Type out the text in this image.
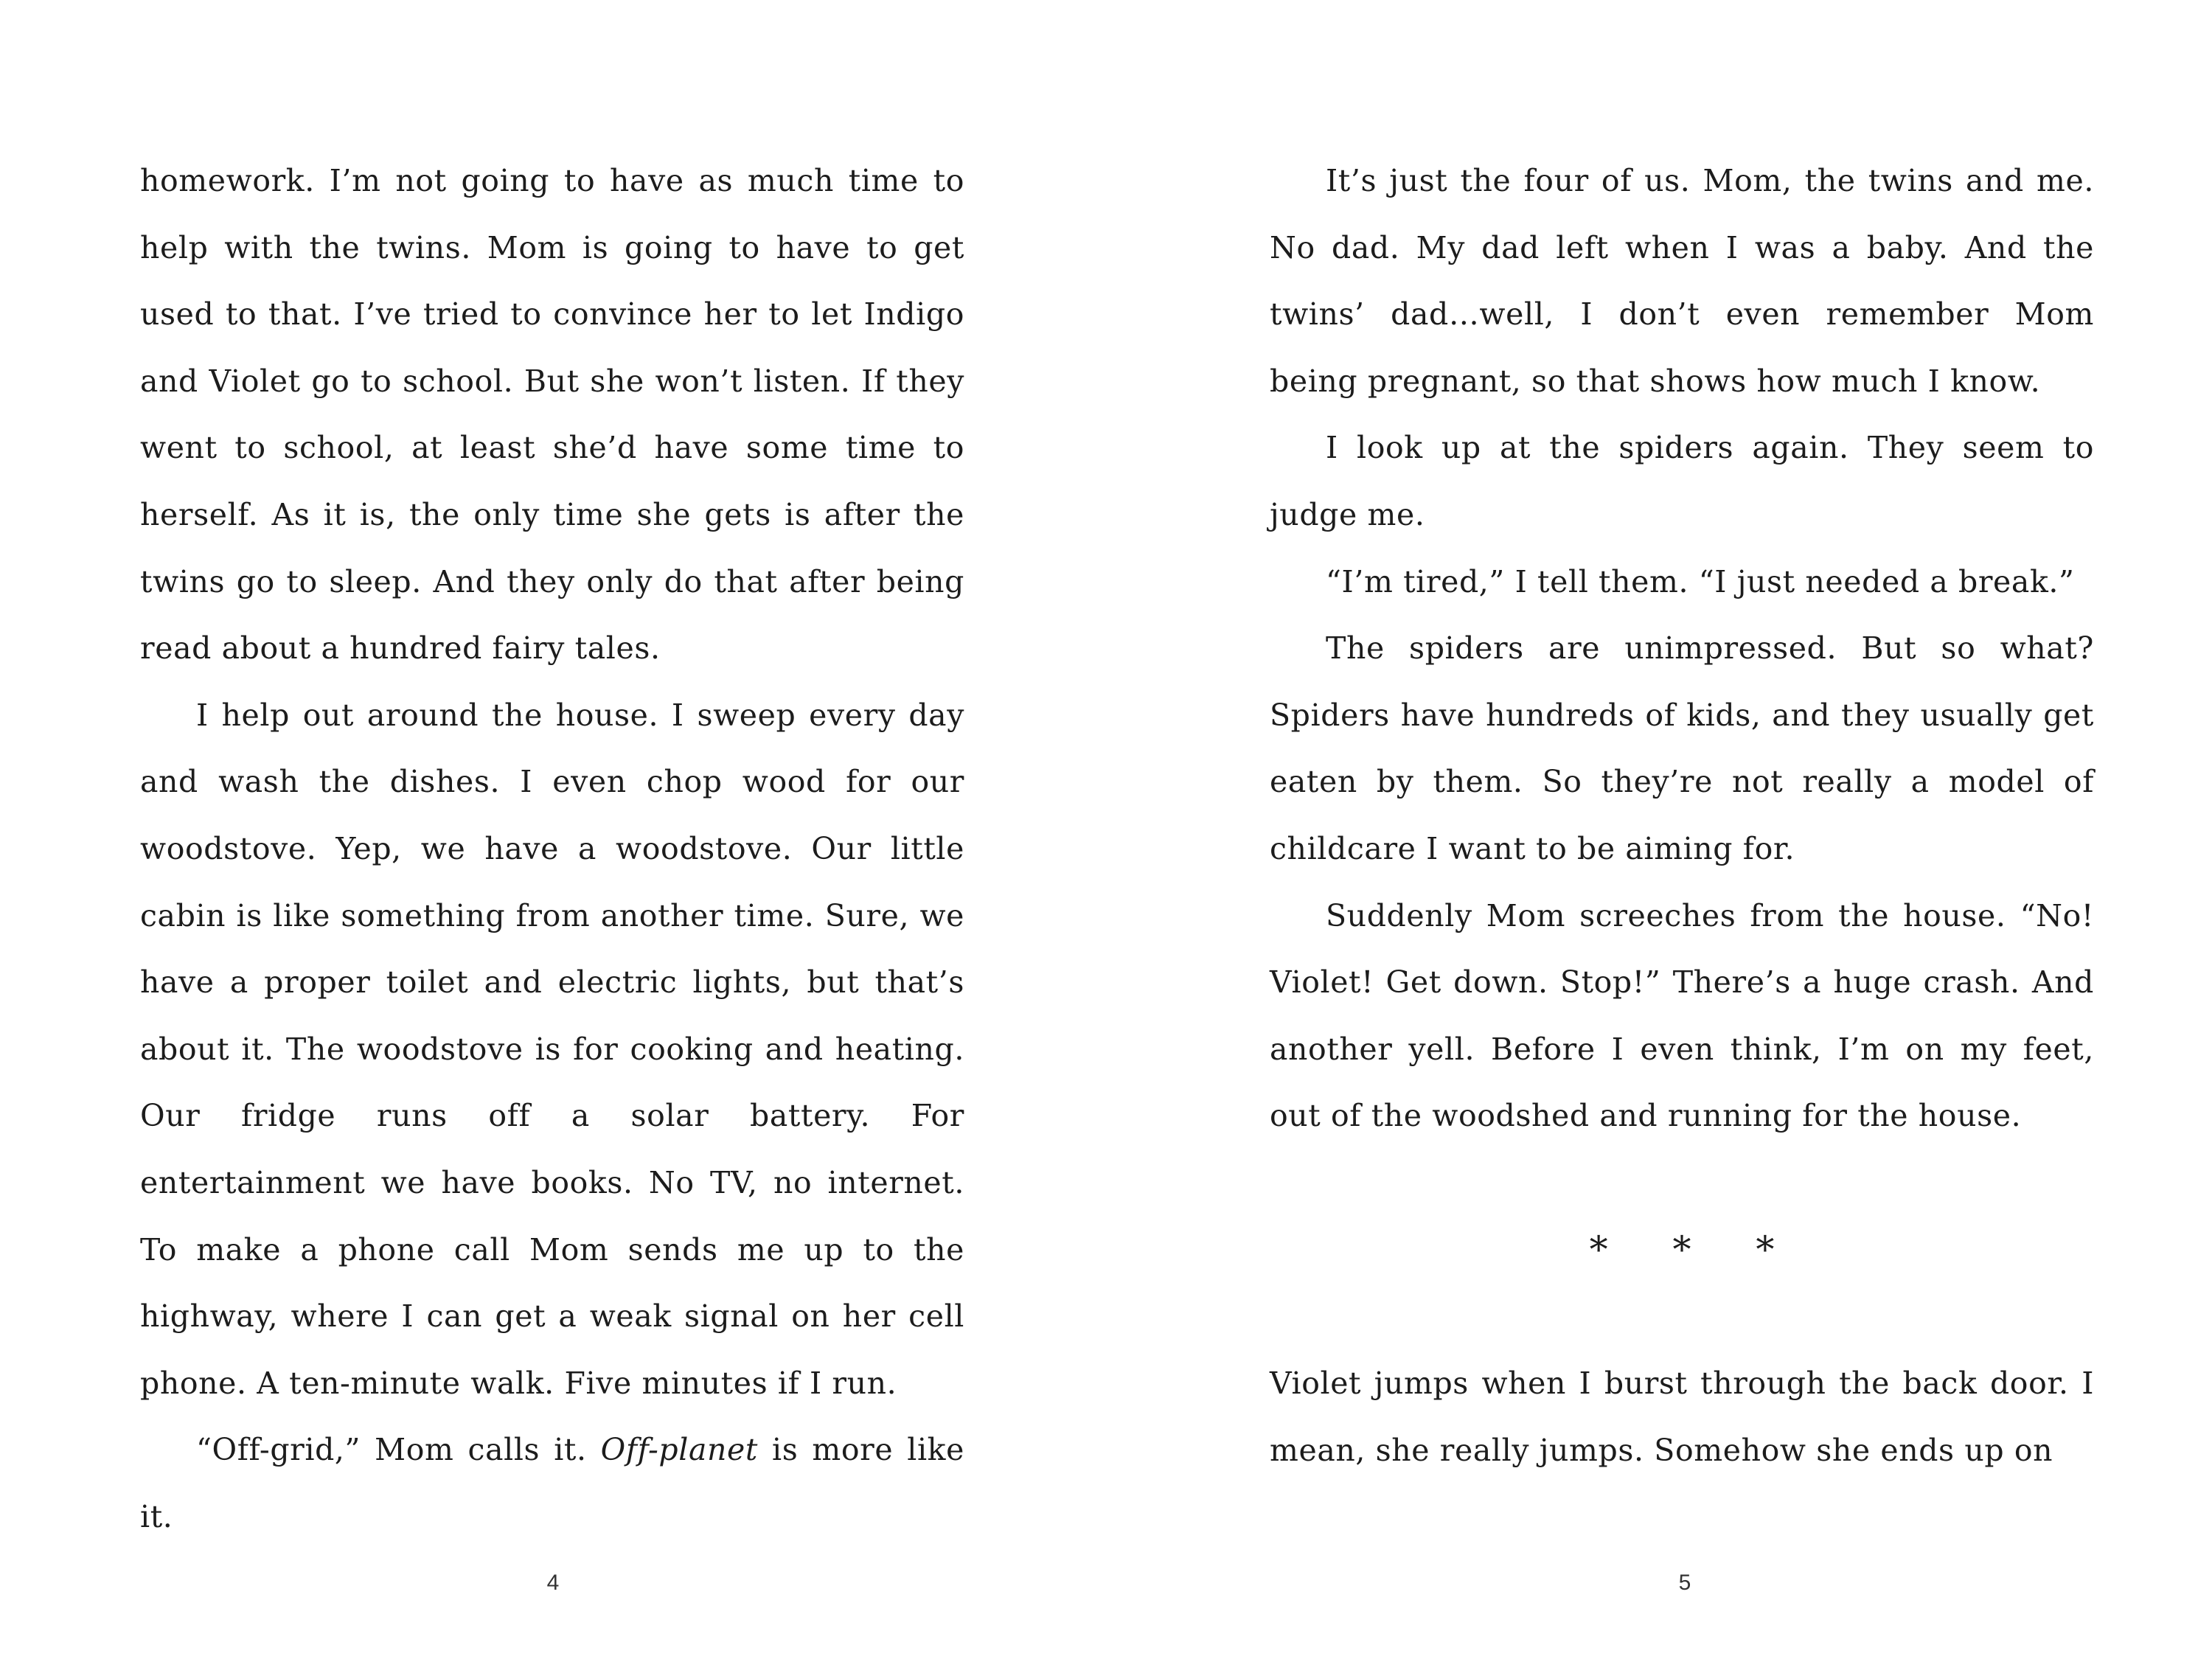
homework. I’m not going to have as much time to help with the twins. Mom is going to have to get used to that. I’ve tried to convince her to let Indigo and Violet go to school. But she won’t listen. If they went to school, at least she’d have some time to herself. As it is, the only time she gets is after the twins go to sleep. And they only do that after being read about a hundred fairy tales.

I help out around the house. I sweep every day and wash the dishes. I even chop wood for our woodstove. Yep, we have a woodstove. Our little cabin is like something from another time. Sure, we have a proper toilet and electric lights, but that’s about it. The woodstove is for cooking and heating. Our fridge runs off a solar battery. For entertainment we have books. No TV, no internet. To make a phone call Mom sends me up to the highway, where I can get a weak signal on her cell phone. A ten-minute walk. Five minutes if I run.

“Off-grid,” Mom calls it. Off-planet is more like it.

4

It’s just the four of us. Mom, the twins and me. No dad. My dad left when I was a baby. And the twins’ dad…well, I don’t even remember Mom being pregnant, so that shows how much I know.

I look up at the spiders again. They seem to judge me.

“I’m tired,” I tell them. “I just needed a break.”

The spiders are unimpressed. But so what? Spiders have hundreds of kids, and they usually get eaten by them. So they’re not really a model of childcare I want to be aiming for.

Suddenly Mom screeches from the house. “No! Violet! Get down. Stop!” There’s a huge crash. And another yell. Before I even think, I’m on my feet, out of the woodshed and running for the house.

* * *

Violet jumps when I burst through the back door. I mean, she really jumps. Somehow she ends up on

5
